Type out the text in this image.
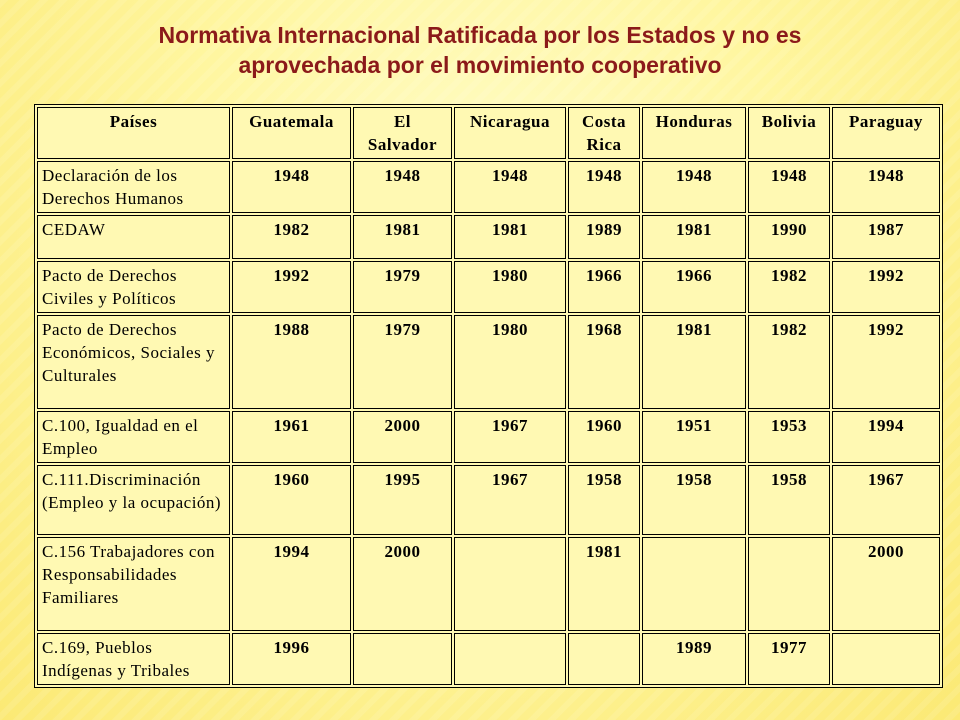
Normativa Internacional Ratificada por los Estados y no es
aprovechada por el movimiento cooperativo
Países	Guatemala	El Salvador	Nicaragua	Costa Rica	Honduras	Bolivia	Paraguay
Declaración de los Derechos Humanos	1948	1948	1948	1948	1948	1948	1948
CEDAW	1982	1981	1981	1989	1981	1990	1987
Pacto de Derechos Civiles y Políticos	1992	1979	1980	1966	1966	1982	1992
Pacto de Derechos Económicos, Sociales y Culturales	1988	1979	1980	1968	1981	1982	1992
C.100, Igualdad en el Empleo	1961	2000	1967	1960	1951	1953	1994
C.111.Discriminación (Empleo y la ocupación)	1960	1995	1967	1958	1958	1958	1967
C.156 Trabajadores con Responsabilidades Familiares	1994	2000		1981			2000
C.169, Pueblos Indígenas y Tribales	1996				1989	1977	
